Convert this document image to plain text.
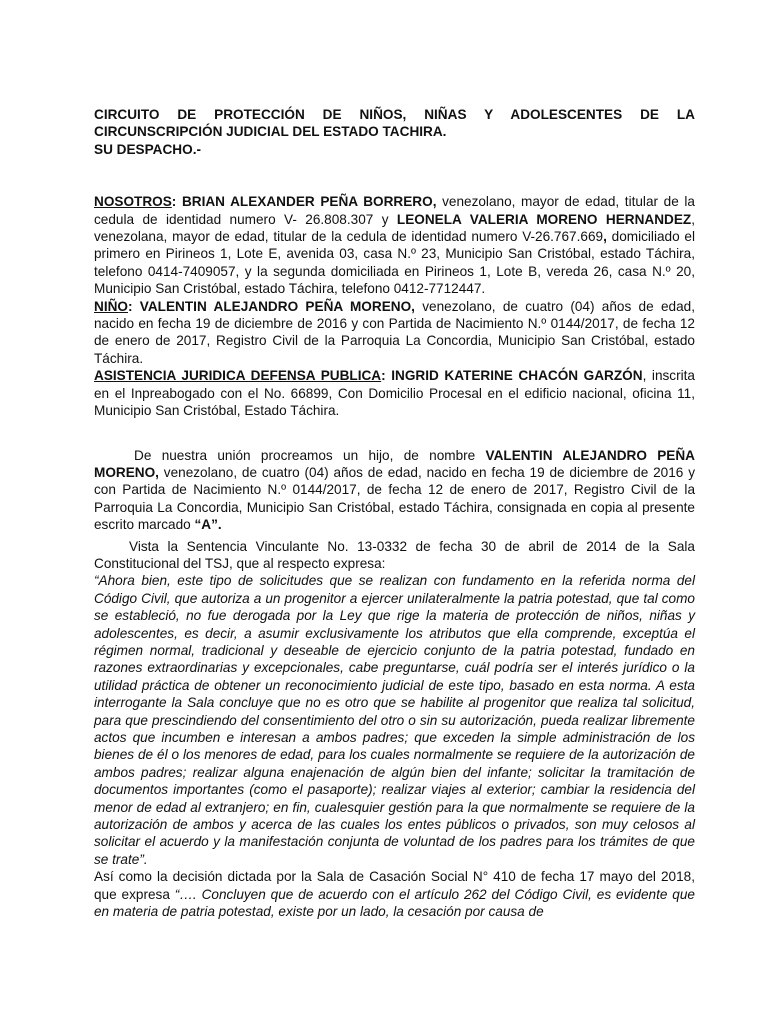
CIRCUITO DE PROTECCIÓN DE NIÑOS, NIÑAS Y ADOLESCENTES DE LA
CIRCUNSCRIPCIÓN JUDICIAL DEL ESTADO TACHIRA.
SU DESPACHO.-

NOSOTROS: BRIAN ALEXANDER PEÑA BORRERO, venezolano, mayor de edad, titular de la cedula de identidad numero V- 26.808.307 y LEONELA VALERIA MORENO HERNANDEZ, venezolana, mayor de edad, titular de la cedula de identidad numero V-26.767.669, domiciliado el primero en Pirineos 1, Lote E, avenida 03, casa N.º 23, Municipio San Cristóbal, estado Táchira, telefono 0414-7409057, y la segunda domiciliada en Pirineos 1, Lote B, vereda 26, casa N.º 20, Municipio San Cristóbal, estado Táchira, telefono 0412-7712447.

NIÑO: VALENTIN ALEJANDRO PEÑA MORENO, venezolano, de cuatro (04) años de edad, nacido en fecha 19 de diciembre de 2016 y con Partida de Nacimiento N.º 0144/2017, de fecha 12 de enero de 2017, Registro Civil de la Parroquia La Concordia, Municipio San Cristóbal, estado Táchira.

ASISTENCIA JURIDICA DEFENSA PUBLICA: INGRID KATERINE CHACÓN GARZÓN, inscrita en el Inpreabogado con el No. 66899, Con Domicilio Procesal en el edificio nacional, oficina 11, Municipio San Cristóbal, Estado Táchira.

De nuestra unión procreamos un hijo, de nombre VALENTIN ALEJANDRO PEÑA MORENO, venezolano, de cuatro (04) años de edad, nacido en fecha 19 de diciembre de 2016 y con Partida de Nacimiento N.º 0144/2017, de fecha 12 de enero de 2017, Registro Civil de la Parroquia La Concordia, Municipio San Cristóbal, estado Táchira, consignada en copia al presente escrito marcado “A”.

Vista la Sentencia Vinculante No. 13-0332 de fecha 30 de abril de 2014 de la Sala Constitucional del TSJ, que al respecto expresa:

“Ahora bien, este tipo de solicitudes que se realizan con fundamento en la referida norma del Código Civil, que autoriza a un progenitor a ejercer unilateralmente la patria potestad, que tal como se estableció, no fue derogada por la Ley que rige la materia de protección de niños, niñas y adolescentes, es decir, a asumir exclusivamente los atributos que ella comprende, exceptúa el régimen normal, tradicional y deseable de ejercicio conjunto de la patria potestad, fundado en razones extraordinarias y excepcionales, cabe preguntarse, cuál podría ser el interés jurídico o la utilidad práctica de obtener un reconocimiento judicial de este tipo, basado en esta norma. A esta interrogante la Sala concluye que no es otro que se habilite al progenitor que realiza tal solicitud, para que prescindiendo del consentimiento del otro o sin su autorización, pueda realizar libremente actos que incumben e interesan a ambos padres; que exceden la simple administración de los bienes de él o los menores de edad, para los cuales normalmente se requiere de la autorización de ambos padres; realizar alguna enajenación de algún bien del infante; solicitar la tramitación de documentos importantes (como el pasaporte); realizar viajes al exterior; cambiar la residencia del menor de edad al extranjero; en fin, cualesquier gestión para la que normalmente se requiere de la autorización de ambos y acerca de las cuales los entes públicos o privados, son muy celosos al solicitar el acuerdo y la manifestación conjunta de voluntad de los padres para los trámites de que se trate”.

Así como la decisión dictada por la Sala de Casación Social N° 410 de fecha 17 mayo del 2018, que expresa “…. Concluyen que de acuerdo con el artículo 262 del Código Civil, es evidente que en materia de patria potestad, existe por un lado, la cesación por causa de
